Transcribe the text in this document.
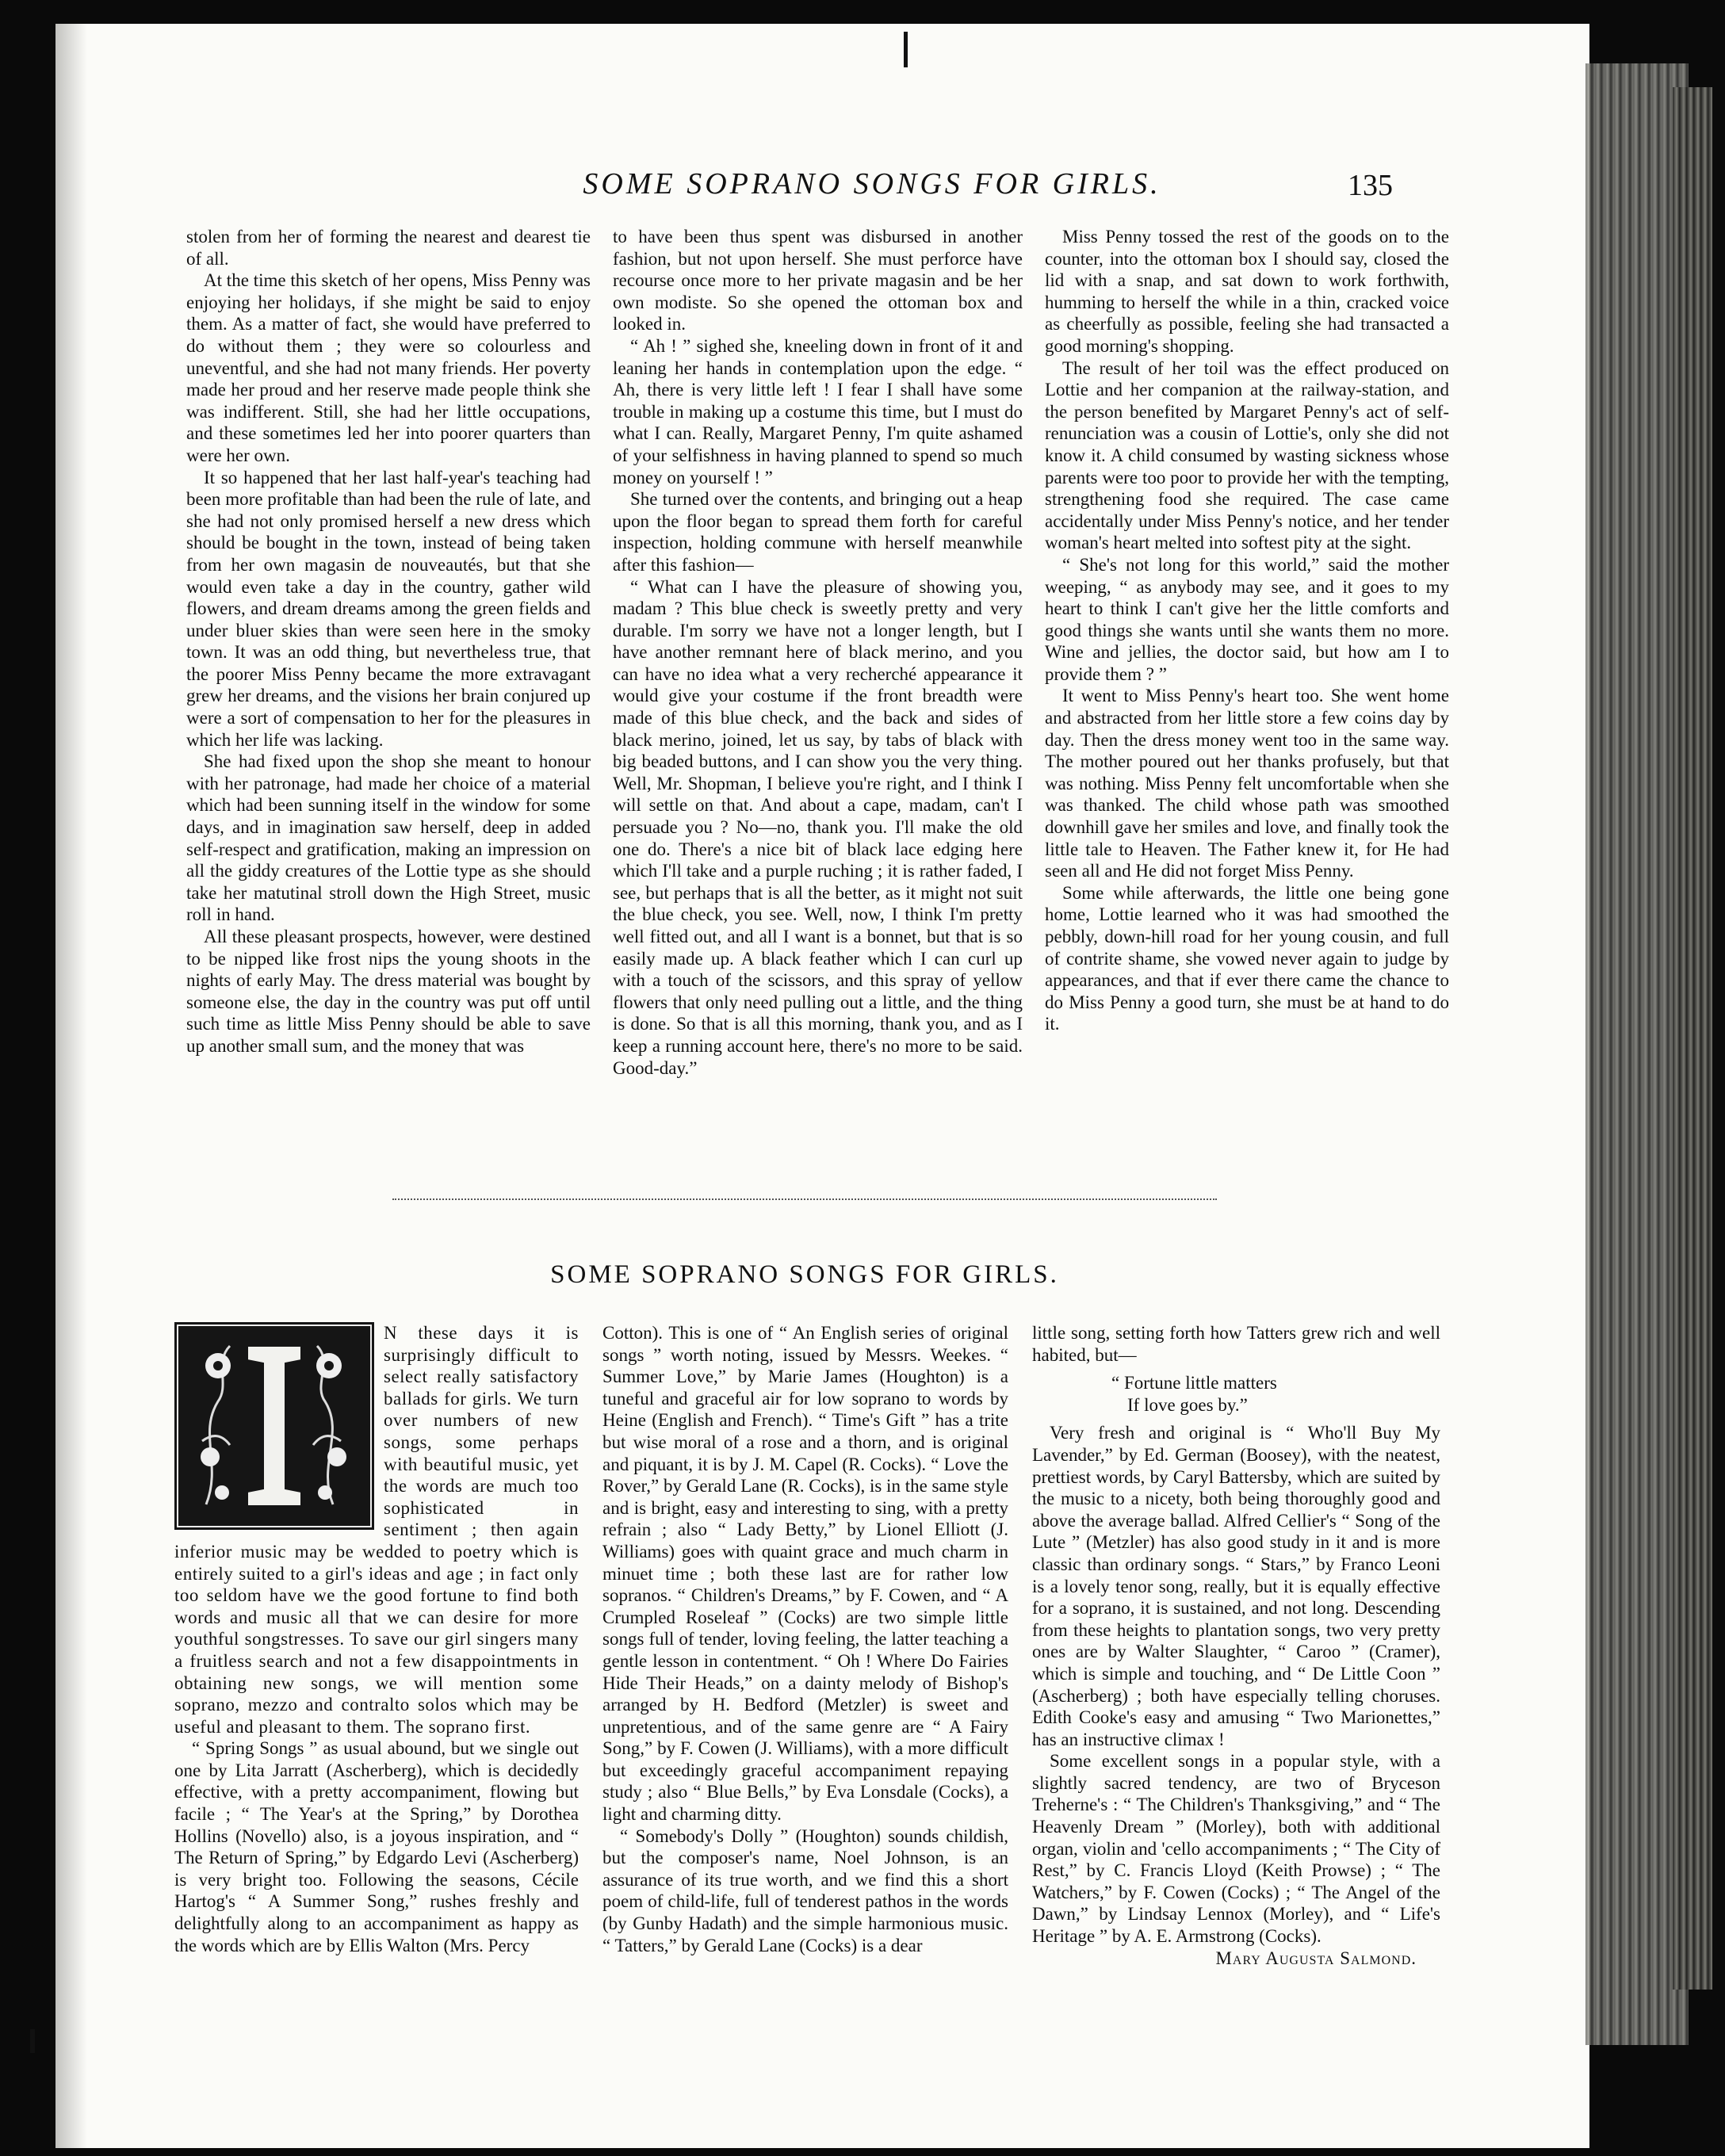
SOME SOPRANO SONGS FOR GIRLS.	135

stolen from her of forming the nearest and dearest tie of all.

At the time this sketch of her opens, Miss Penny was enjoying her holidays, if she might be said to enjoy them. As a matter of fact, she would have preferred to do without them ; they were so colourless and uneventful, and she had not many friends. Her poverty made her proud and her reserve made people think she was indifferent. Still, she had her little occupations, and these sometimes led her into poorer quarters than were her own.

It so happened that her last half-year's teaching had been more profitable than had been the rule of late, and she had not only promised herself a new dress which should be bought in the town, instead of being taken from her own magasin de nouveautés, but that she would even take a day in the country, gather wild flowers, and dream dreams among the green fields and under bluer skies than were seen here in the smoky town. It was an odd thing, but nevertheless true, that the poorer Miss Penny became the more extravagant grew her dreams, and the visions her brain conjured up were a sort of compensation to her for the pleasures in which her life was lacking.

She had fixed upon the shop she meant to honour with her patronage, had made her choice of a material which had been sunning itself in the window for some days, and in imagination saw herself, deep in added self-respect and gratification, making an impression on all the giddy creatures of the Lottie type as she should take her matutinal stroll down the High Street, music roll in hand.

All these pleasant prospects, however, were destined to be nipped like frost nips the young shoots in the nights of early May. The dress material was bought by someone else, the day in the country was put off until such time as little Miss Penny should be able to save up another small sum, and the money that was

to have been thus spent was disbursed in another fashion, but not upon herself. She must perforce have recourse once more to her private magasin and be her own modiste. So she opened the ottoman box and looked in.

“ Ah ! ” sighed she, kneeling down in front of it and leaning her hands in contemplation upon the edge. “ Ah, there is very little left ! I fear I shall have some trouble in making up a costume this time, but I must do what I can. Really, Margaret Penny, I'm quite ashamed of your selfishness in having planned to spend so much money on yourself ! ”

She turned over the contents, and bringing out a heap upon the floor began to spread them forth for careful inspection, holding commune with herself meanwhile after this fashion—

“ What can I have the pleasure of showing you, madam ? This blue check is sweetly pretty and very durable. I'm sorry we have not a longer length, but I have another remnant here of black merino, and you can have no idea what a very recherché appearance it would give your costume if the front breadth were made of this blue check, and the back and sides of black merino, joined, let us say, by tabs of black with big beaded buttons, and I can show you the very thing. Well, Mr. Shopman, I believe you're right, and I think I will settle on that. And about a cape, madam, can't I persuade you ? No—no, thank you. I'll make the old one do. There's a nice bit of black lace edging here which I'll take and a purple ruching ; it is rather faded, I see, but perhaps that is all the better, as it might not suit the blue check, you see. Well, now, I think I'm pretty well fitted out, and all I want is a bonnet, but that is so easily made up. A black feather which I can curl up with a touch of the scissors, and this spray of yellow flowers that only need pulling out a little, and the thing is done. So that is all this morning, thank you, and as I keep a running account here, there's no more to be said. Good-day.”

Miss Penny tossed the rest of the goods on to the counter, into the ottoman box I should say, closed the lid with a snap, and sat down to work forthwith, humming to herself the while in a thin, cracked voice as cheerfully as possible, feeling she had transacted a good morning's shopping.

The result of her toil was the effect produced on Lottie and her companion at the railway-station, and the person benefited by Margaret Penny's act of self-renunciation was a cousin of Lottie's, only she did not know it. A child consumed by wasting sickness whose parents were too poor to provide her with the tempting, strengthening food she required. The case came accidentally under Miss Penny's notice, and her tender woman's heart melted into softest pity at the sight.

“ She's not long for this world,” said the mother weeping, “ as anybody may see, and it goes to my heart to think I can't give her the little comforts and good things she wants until she wants them no more. Wine and jellies, the doctor said, but how am I to provide them ? ”

It went to Miss Penny's heart too. She went home and abstracted from her little store a few coins day by day. Then the dress money went too in the same way. The mother poured out her thanks profusely, but that was nothing. Miss Penny felt uncomfortable when she was thanked. The child whose path was smoothed downhill gave her smiles and love, and finally took the little tale to Heaven. The Father knew it, for He had seen all and He did not forget Miss Penny.

Some while afterwards, the little one being gone home, Lottie learned who it was had smoothed the pebbly, down-hill road for her young cousin, and full of contrite shame, she vowed never again to judge by appearances, and that if ever there came the chance to do Miss Penny a good turn, she must be at hand to do it.

SOME SOPRANO SONGS FOR GIRLS.

N these days it is surprisingly difficult to select really satisfactory ballads for girls. We turn over numbers of new songs, some perhaps with beautiful music, yet the words are much too sophisticated in sentiment ; then again inferior music may be wedded to poetry which is entirely suited to a girl's ideas and age ; in fact only too seldom have we the good fortune to find both words and music all that we can desire for more youthful songstresses. To save our girl singers many a fruitless search and not a few disappointments in obtaining new songs, we will mention some soprano, mezzo and contralto solos which may be useful and pleasant to them. The soprano first.

“ Spring Songs ” as usual abound, but we single out one by Lita Jarratt (Ascherberg), which is decidedly effective, with a pretty accompaniment, flowing but facile ; “ The Year's at the Spring,” by Dorothea Hollins (Novello) also, is a joyous inspiration, and “ The Return of Spring,” by Edgardo Levi (Ascherberg) is very bright too. Following the seasons, Cécile Hartog's “ A Summer Song,” rushes freshly and delightfully along to an accompaniment as happy as the words which are by Ellis Walton (Mrs. Percy

Cotton). This is one of “ An English series of original songs ” worth noting, issued by Messrs. Weekes. “ Summer Love,” by Marie James (Houghton) is a tuneful and graceful air for low soprano to words by Heine (English and French). “ Time's Gift ” has a trite but wise moral of a rose and a thorn, and is original and piquant, it is by J. M. Capel (R. Cocks). “ Love the Rover,” by Gerald Lane (R. Cocks), is in the same style and is bright, easy and interesting to sing, with a pretty refrain ; also “ Lady Betty,” by Lionel Elliott (J. Williams) goes with quaint grace and much charm in minuet time ; both these last are for rather low sopranos. “ Children's Dreams,” by F. Cowen, and “ A Crumpled Roseleaf ” (Cocks) are two simple little songs full of tender, loving feeling, the latter teaching a gentle lesson in contentment. “ Oh ! Where Do Fairies Hide Their Heads,” on a dainty melody of Bishop's arranged by H. Bedford (Metzler) is sweet and unpretentious, and of the same genre are “ A Fairy Song,” by F. Cowen (J. Williams), with a more difficult but exceedingly graceful accompaniment repaying study ; also “ Blue Bells,” by Eva Lonsdale (Cocks), a light and charming ditty.

“ Somebody's Dolly ” (Houghton) sounds childish, but the composer's name, Noel Johnson, is an assurance of its true worth, and we find this a short poem of child-life, full of tenderest pathos in the words (by Gunby Hadath) and the simple harmonious music. “ Tatters,” by Gerald Lane (Cocks) is a dear

little song, setting forth how Tatters grew rich and well habited, but—

“ Fortune little matters
If love goes by.”

Very fresh and original is “ Who'll Buy My Lavender,” by Ed. German (Boosey), with the neatest, prettiest words, by Caryl Battersby, which are suited by the music to a nicety, both being thoroughly good and above the average ballad. Alfred Cellier's “ Song of the Lute ” (Metzler) has also good study in it and is more classic than ordinary songs. “ Stars,” by Franco Leoni is a lovely tenor song, really, but it is equally effective for a soprano, it is sustained, and not long. Descending from these heights to plantation songs, two very pretty ones are by Walter Slaughter, “ Caroo ” (Cramer), which is simple and touching, and “ De Little Coon ” (Ascherberg) ; both have especially telling choruses. Edith Cooke's easy and amusing “ Two Marionettes,” has an instructive climax !

Some excellent songs in a popular style, with a slightly sacred tendency, are two of Bryceson Treherne's : “ The Children's Thanksgiving,” and “ The Heavenly Dream ” (Morley), both with additional organ, violin and 'cello accompaniments ; “ The City of Rest,” by C. Francis Lloyd (Keith Prowse) ; “ The Watchers,” by F. Cowen (Cocks) ; “ The Angel of the Dawn,” by Lindsay Lennox (Morley), and “ Life's Heritage ” by A. E. Armstrong (Cocks).

Mary Augusta Salmond.
